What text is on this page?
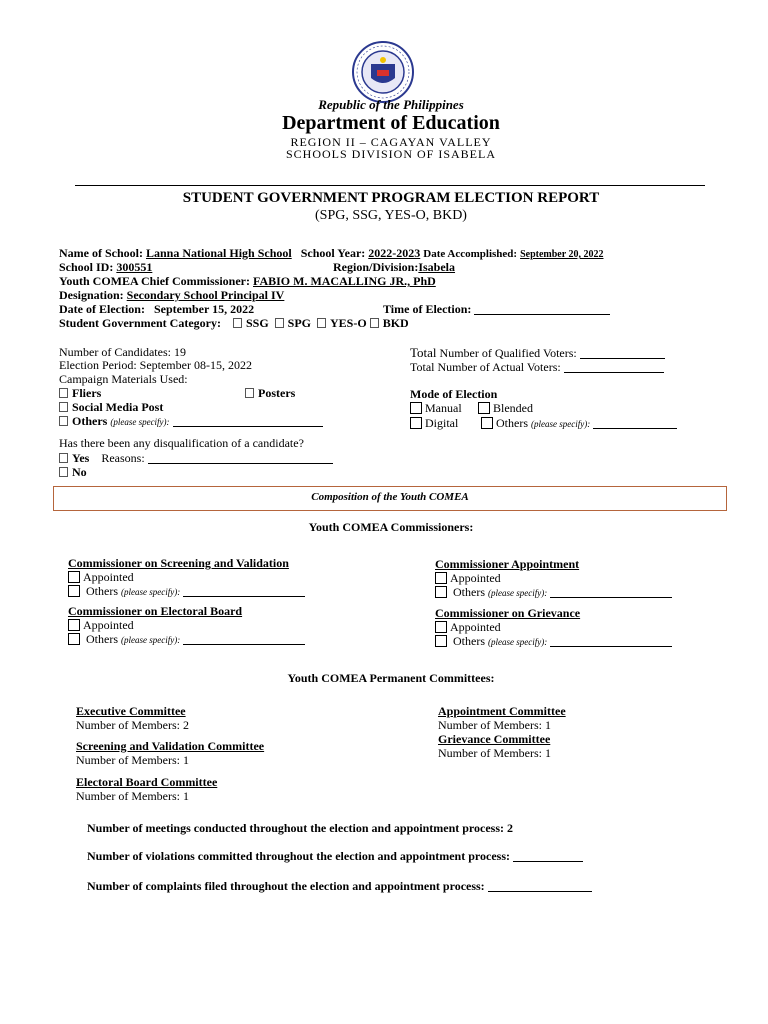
Republic of the Philippines
Department of Education
REGION II – CAGAYAN VALLEY
SCHOOLS DIVISION OF ISABELA
STUDENT GOVERNMENT PROGRAM ELECTION REPORT
(SPG, SSG, YES-O, BKD)
Name of School: Lanna National High School School Year: 2022-2023 Date Accomplished: September 20, 2022
School ID: 300551	Region/Division:Isabela
Youth COMEA Chief Commissioner: FABIO M. MACALLING JR., PhD
Designation: Secondary School Principal IV
Date of Election: September 15, 2022	Time of Election:
Student Government Category: SSG SPG YES-O BKD
Number of Candidates: 19
Election Period: September 08-15, 2022
Campaign Materials Used:
Fliers	Posters
Social Media Post
Others (please specify):
Total Number of Qualified Voters:
Total Number of Actual Voters:
Mode of Election
Manual	Blended
Digital	Others (please specify):
Has there been any disqualification of a candidate?
Yes Reasons:
No
Composition of the Youth COMEA
Youth COMEA Commissioners:
Commissioner on Screening and Validation
Appointed
Others (please specify):
Commissioner on Electoral Board
Appointed
Others (please specify):
Commissioner Appointment
Appointed
Others (please specify):
Commissioner on Grievance
Appointed
Others (please specify):
Youth COMEA Permanent Committees:
Executive Committee
Number of Members: 2
Screening and Validation Committee
Number of Members: 1
Electoral Board Committee
Number of Members: 1
Appointment Committee
Number of Members: 1
Grievance Committee
Number of Members: 1
Number of meetings conducted throughout the election and appointment process: 2
Number of violations committed throughout the election and appointment process:
Number of complaints filed throughout the election and appointment process:
